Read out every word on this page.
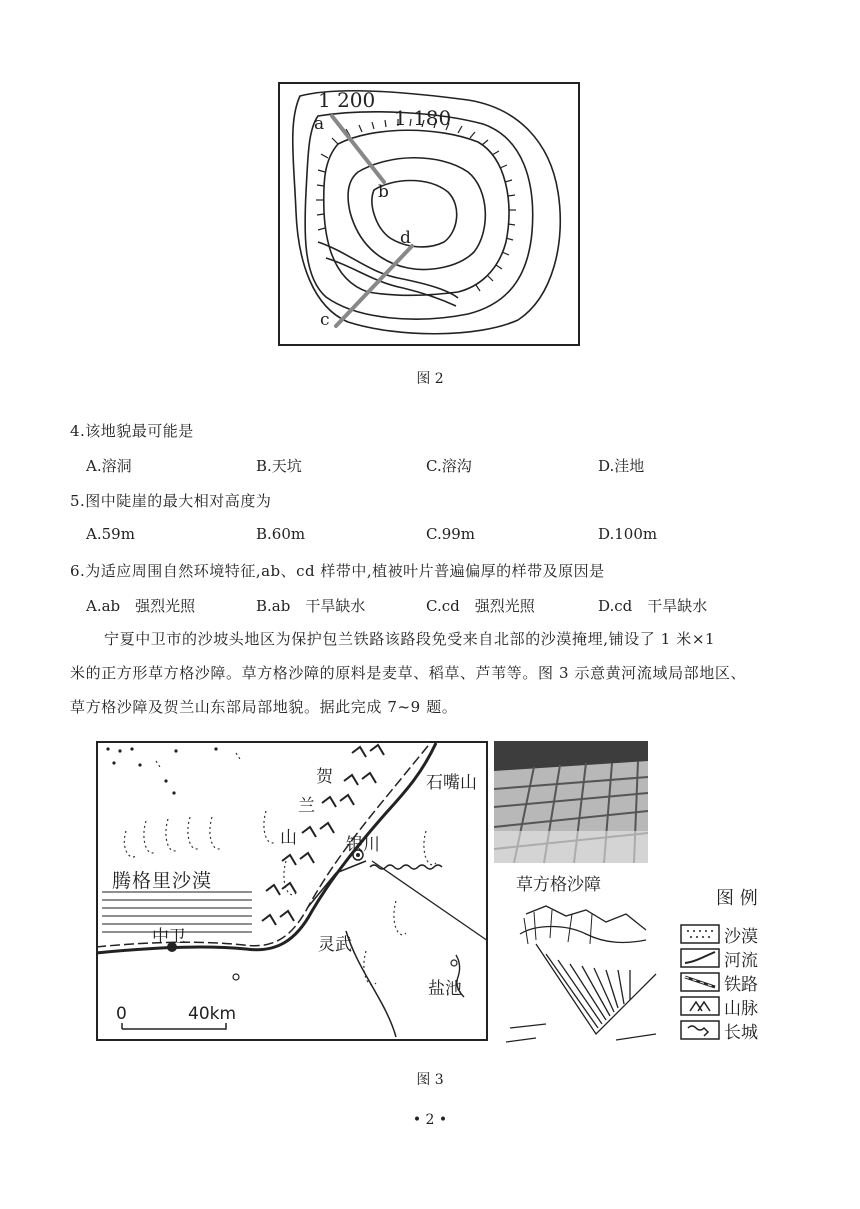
1 200
1 180
a
b
c
d
图 2
4.该地貌最可能是
A.溶洞	B.天坑	C.溶沟	D.洼地
5.图中陡崖的最大相对高度为
A.59m	B.60m	C.99m	D.100m
6.为适应周围自然环境特征,ab、cd 样带中,植被叶片普遍偏厚的样带及原因是
A.ab　强烈光照	B.ab　干旱缺水	C.cd　强烈光照	D.cd　干旱缺水
宁夏中卫市的沙坡头地区为保护包兰铁路该路段免受来自北部的沙漠掩埋,铺设了 1 米×1
米的正方形草方格沙障。草方格沙障的原料是麦草、稻草、芦苇等。图 3 示意黄河流域局部地区、
草方格沙障及贺兰山东部局部地貌。据此完成 7~9 题。
贺
兰
山
石嘴山
银川
腾格里沙漠
中卫	灵武
盐池
0	40km
草方格沙障
图 例
沙漠
河流
铁路
山脉
长城
图 3
• 2 •
